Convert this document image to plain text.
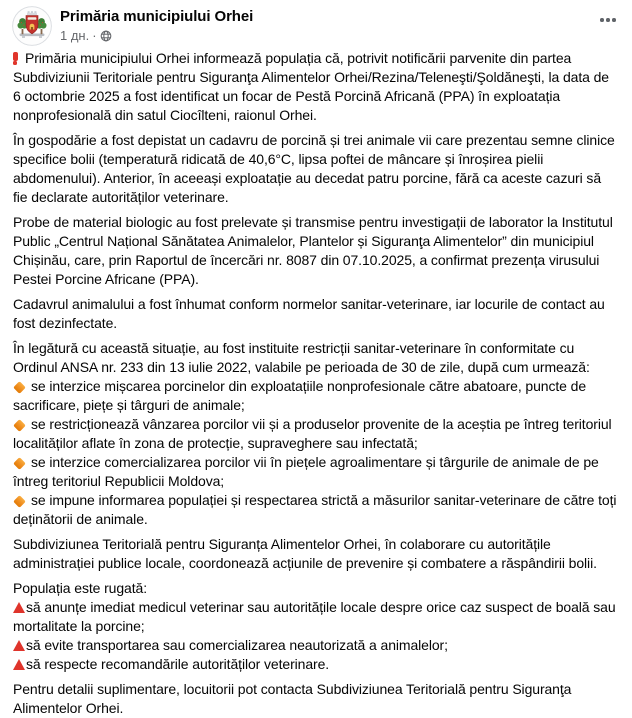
Primăria municipiului Orhei
1 дн. ·
Primăria municipiului Orhei informează populația că, potrivit notificării parvenite din partea Subdiviziunii Teritoriale pentru Siguranţa Alimentelor Orhei/Rezina/Teleneşti/Şoldăneşti, la data de 6 octombrie 2025 a fost identificat un focar de Pestă Porcină Africană (PPA) în exploatația nonprofesională din satul Ciocîlteni, raionul Orhei.
În gospodărie a fost depistat un cadavru de porcină și trei animale vii care prezentau semne clinice specifice bolii (temperatură ridicată de 40,6°C, lipsa poftei de mâncare și înroșirea pielii abdomenului). Anterior, în aceeași exploatație au decedat patru porcine, fără ca aceste cazuri să fie declarate autorităților veterinare.
Probe de material biologic au fost prelevate și transmise pentru investigații de laborator la Institutul Public „Centrul Național Sănătatea Animalelor, Plantelor și Siguranţa Alimentelor” din municipiul Chișinău, care, prin Raportul de încercări nr. 8087 din 07.10.2025, a confirmat prezența virusului Pestei Porcine Africane (PPA).
Cadavrul animalului a fost înhumat conform normelor sanitar-veterinare, iar locurile de contact au fost dezinfectate.
În legătură cu această situație, au fost instituite restricții sanitar-veterinare în conformitate cu Ordinul ANSA nr. 233 din 13 iulie 2022, valabile pe perioada de 30 de zile, după cum urmează:
se interzice mișcarea porcinelor din exploatațiile nonprofesionale către abatoare, puncte de sacrificare, piețe și târguri de animale;
se restricționează vânzarea porcilor vii și a produselor provenite de la aceștia pe întreg teritoriul localităților aflate în zona de protecție, supraveghere sau infectată;
se interzice comercializarea porcilor vii în piețele agroalimentare și târgurile de animale de pe întreg teritoriul Republicii Moldova;
se impune informarea populației și respectarea strictă a măsurilor sanitar-veterinare de către toți deținătorii de animale.
Subdiviziunea Teritorială pentru Siguranța Alimentelor Orhei, în colaborare cu autoritățile administrației publice locale, coordonează acțiunile de prevenire și combatere a răspândirii bolii.
Populația este rugată:
să anunțe imediat medicul veterinar sau autoritățile locale despre orice caz suspect de boală sau mortalitate la porcine;
să evite transportarea sau comercializarea neautorizată a animalelor;
să respecte recomandările autorităților veterinare.
Pentru detalii suplimentare, locuitorii pot contacta Subdiviziunea Teritorială pentru Siguranţa Alimentelor Orhei.
